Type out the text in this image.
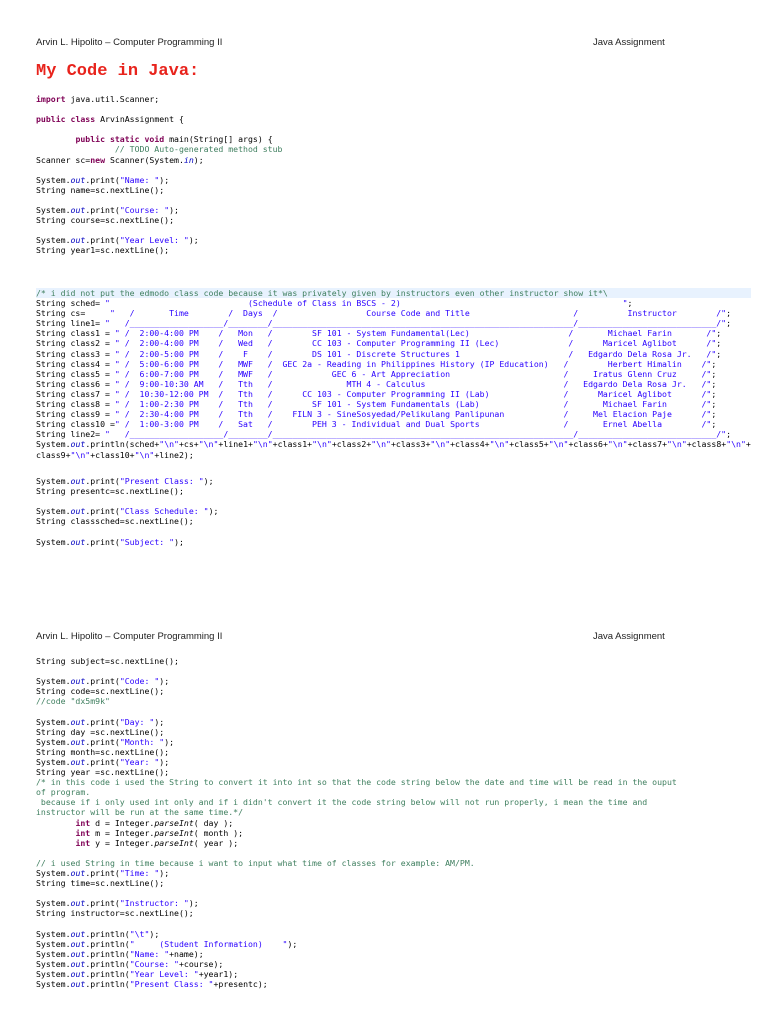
Arvin L. Hipolito – Computer Programming II	Java Assignment
My Code in Java:
import java.util.Scanner;
public class ArvinAssignment {
public static void main(String[] args) {
// TODO Auto-generated method stub
Scanner sc=new Scanner(System.in);
System.out.print("Name: ");
String name=sc.nextLine();
System.out.print("Course: ");
String course=sc.nextLine();
System.out.print("Year Level: ");
String year1=sc.nextLine();
/* i did not put the edmodo class code because it was privately given by instructors even other instructor show it*\
String sched= "                            (Schedule of Class in BSCS - 2)                                             ";
String cs=     "   /       Time        /  Days  /                  Course Code and Title                     /          Instructor        /";
String line1= "   /___________________/________/_____________________________________________________________/____________________________/";
String class1 = " /  2:00-4:00 PM    /   Mon   /        SF 101 - System Fundamental(Lec)                    /       Michael Farin       /";
String class2 = " /  2:00-4:00 PM    /   Wed   /        CC 103 - Computer Programming II (Lec)              /      Maricel Aglibot      /";
String class3 = " /  2:00-5:00 PM    /    F    /        DS 101 - Discrete Structures 1                      /   Edgardo Dela Rosa Jr.   /";
String class4 = " /  5:00-6:00 PM    /   MWF   /  GEC 2a - Reading in Philippines History (IP Education)   /        Herbert Himalin    /";
String class5 = " /  6:00-7:00 PM    /   MWF   /            GEC 6 - Art Appreciation                       /     Iratus Glenn Cruz     /";
String class6 = " /  9:00-10:30 AM   /   Tth   /               MTH 4 - Calculus                            /   Edgardo Dela Rosa Jr.   /";
String class7 = " /  10:30-12:00 PM  /   Tth   /      CC 103 - Computer Programming II (Lab)               /      Maricel Aglibot      /";
String class8 = " /  1:00-2:30 PM    /   Tth   /        SF 101 - System Fundamentals (Lab)                 /       Michael Farin       /";
String class9 = " /  2:30-4:00 PM    /   Tth   /    FILN 3 - SineSosyedad/Pelikulang Panlipunan            /     Mel Elacion Paje      /";
String class10 =" /  1:00-3:00 PM    /   Sat   /        PEH 3 - Individual and Dual Sports                 /       Ernel Abella        /";
String line2= "   /___________________/________/_____________________________________________________________/____________________________/";
System.out.println(sched+"\n"+cs+"\n"+line1+"\n"+class1+"\n"+class2+"\n"+class3+"\n"+class4+"\n"+class5+"\n"+class6+"\n"+class7+"\n"+class8+"\n"+
class9+"\n"+class10+"\n"+line2);
System.out.print("Present Class: ");
String presentc=sc.nextLine();
System.out.print("Class Schedule: ");
String classsched=sc.nextLine();
System.out.print("Subject: ");
Arvin L. Hipolito – Computer Programming II	Java Assignment
String subject=sc.nextLine();
System.out.print("Code: ");
String code=sc.nextLine();
//code "dx5m9k"
System.out.print("Day: ");
String day =sc.nextLine();
System.out.print("Month: ");
String month=sc.nextLine();
System.out.print("Year: ");
String year =sc.nextLine();
/* in this code i used the String to convert it into int so that the code string below the date and time will be read in the ouput
of program.
because if i only used int only and if i didn't convert it the code string below will not run properly, i mean the time and
instructor will be run at the same time.*/
int d = Integer.parseInt( day );
int m = Integer.parseInt( month );
int y = Integer.parseInt( year );
// i used String in time because i want to input what time of classes for example: AM/PM.
System.out.print("Time: ");
String time=sc.nextLine();
System.out.print("Instructor: ");
String instructor=sc.nextLine();
System.out.println("\t");
System.out.println("     (Student Information)    ");
System.out.println("Name: "+name);
System.out.println("Course: "+course);
System.out.println("Year Level: "+year1);
System.out.println("Present Class: "+presentc);
